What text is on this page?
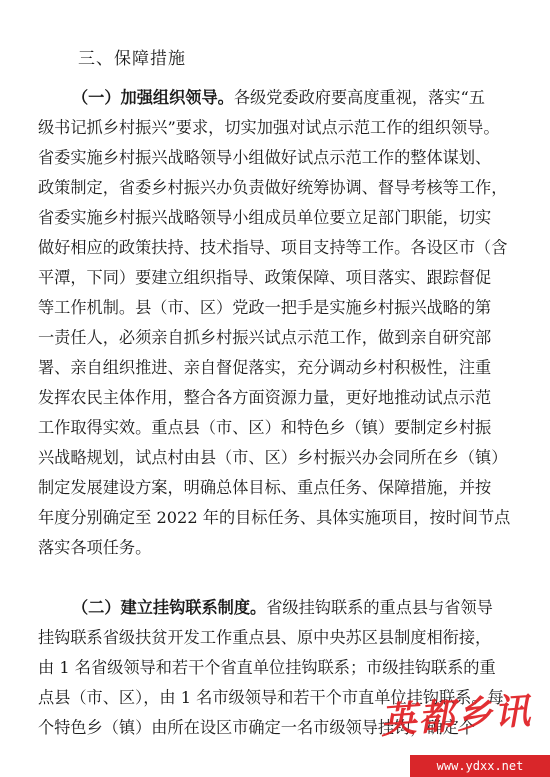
三、保障措施
（一）加强组织领导。各级党委政府要高度重视，落实“五
级书记抓乡村振兴”要求，切实加强对试点示范工作的组织领导。
省委实施乡村振兴战略领导小组做好试点示范工作的整体谋划、
政策制定，省委乡村振兴办负责做好统筹协调、督导考核等工作，
省委实施乡村振兴战略领导小组成员单位要立足部门职能，切实
做好相应的政策扶持、技术指导、项目支持等工作。各设区市（含
平潭，下同）要建立组织指导、政策保障、项目落实、跟踪督促
等工作机制。县（市、区）党政一把手是实施乡村振兴战略的第
一责任人，必须亲自抓乡村振兴试点示范工作，做到亲自研究部
署、亲自组织推进、亲自督促落实，充分调动乡村积极性，注重
发挥农民主体作用，整合各方面资源力量，更好地推动试点示范
工作取得实效。重点县（市、区）和特色乡（镇）要制定乡村振
兴战略规划，试点村由县（市、区）乡村振兴办会同所在乡（镇）
制定发展建设方案，明确总体目标、重点任务、保障措施，并按
年度分别确定至 2022 年的目标任务、具体实施项目，按时间节点
落实各项任务。
（二）建立挂钩联系制度。省级挂钩联系的重点县与省领导
挂钩联系省级扶贫开发工作重点县、原中央苏区县制度相衔接，
由 1 名省级领导和若干个省直单位挂钩联系；市级挂钩联系的重
点县（市、区），由 1 名市级领导和若干个市直单位挂钩联系。每
个特色乡（镇）由所在设区市确定一名市级领导挂钩，确定个
英都乡讯
www.ydxx.net
